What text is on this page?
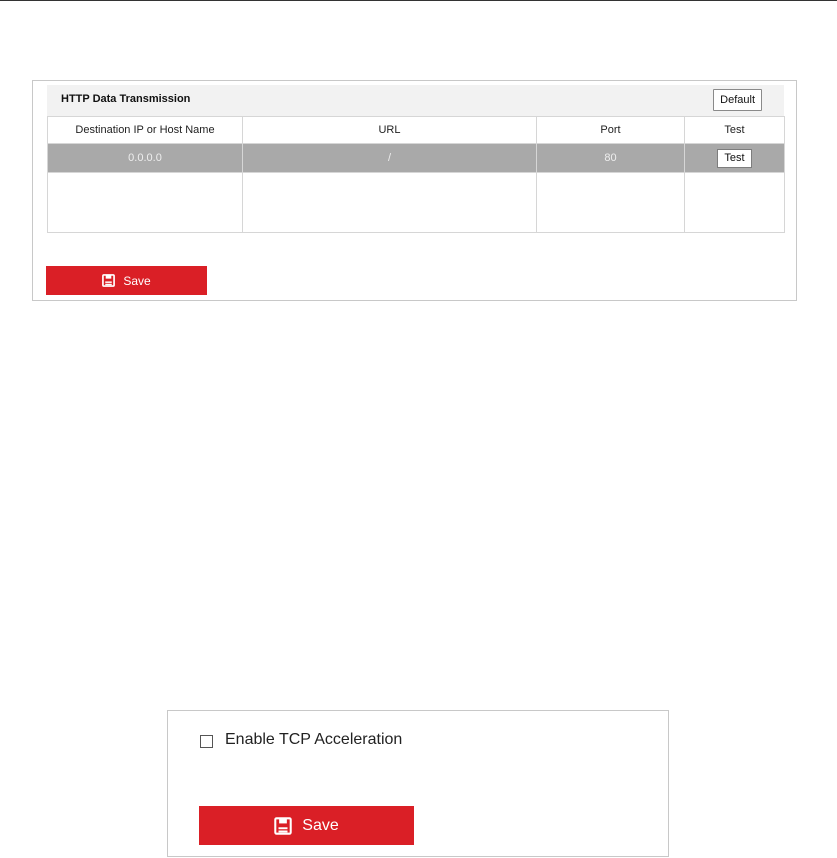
HTTP Data Transmission	Default
Destination IP or Host Name	URL	Port	Test
0.0.0.0	/	80	Test

Save
Enable TCP Acceleration
Save
